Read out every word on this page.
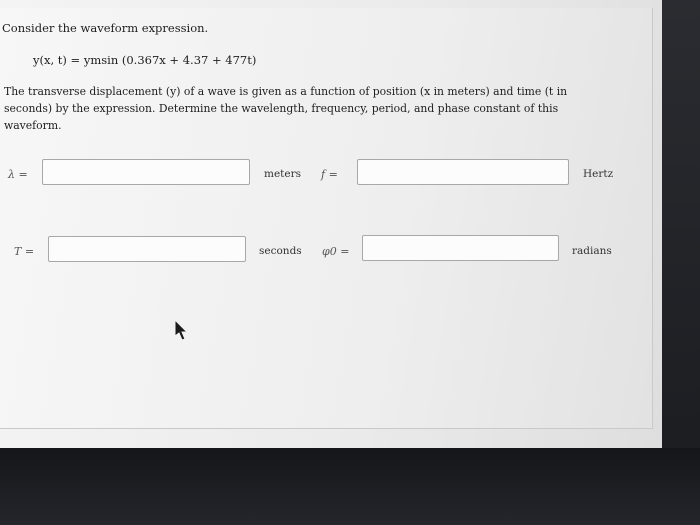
Consider the waveform expression.

y(x, t) = ymsin (0.367x + 4.37 + 477t)

The transverse displacement (y) of a wave is given as a function of position (x in meters) and time (t in seconds) by the expression. Determine the wavelength, frequency, period, and phase constant of this waveform.

λ =	meters f =	Hertz
T =	seconds φ0 =	radians
